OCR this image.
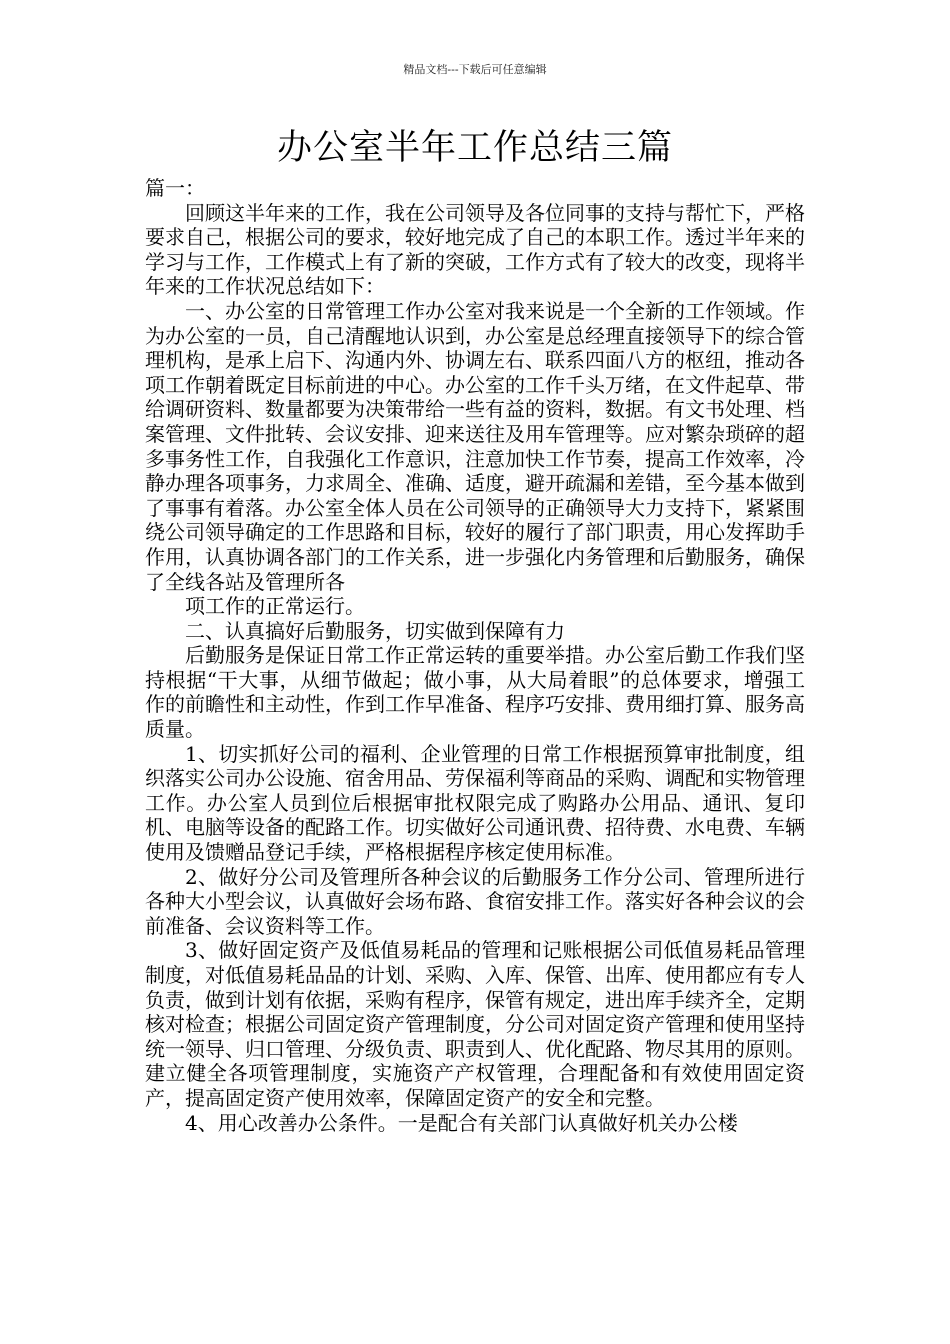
精品文档---下载后可任意编辑
办公室半年工作总结三篇

篇一：

回顾这半年来的工作，我在公司领导及各位同事的支持与帮忙下，严格要求自己，根据公司的要求，较好地完成了自己的本职工作。透过半年来的学习与工作，工作模式上有了新的突破，工作方式有了较大的改变，现将半年来的工作状况总结如下：

一、办公室的日常管理工作办公室对我来说是一个全新的工作领域。作为办公室的一员，自己清醒地认识到，办公室是总经理直接领导下的综合管理机构，是承上启下、沟通内外、协调左右、联系四面八方的枢纽，推动各项工作朝着既定目标前进的中心。办公室的工作千头万绪，在文件起草、带给调研资料、数量都要为决策带给一些有益的资料，数据。有文书处理、档案管理、文件批转、会议安排、迎来送往及用车管理等。应对繁杂琐碎的超多事务性工作，自我强化工作意识，注意加快工作节奏，提高工作效率，冷静办理各项事务，力求周全、准确、适度，避开疏漏和差错，至今基本做到了事事有着落。办公室全体人员在公司领导的正确领导大力支持下，紧紧围绕公司领导确定的工作思路和目标，较好的履行了部门职责，用心发挥助手作用，认真协调各部门的工作关系，进一步强化内务管理和后勤服务，确保了全线各站及管理所各

项工作的正常运行。

二、认真搞好后勤服务，切实做到保障有力

后勤服务是保证日常工作正常运转的重要举措。办公室后勤工作我们坚持根据“干大事，从细节做起；做小事，从大局着眼”的总体要求，增强工作的前瞻性和主动性，作到工作早准备、程序巧安排、费用细打算、服务高质量。

1、切实抓好公司的福利、企业管理的日常工作根据预算审批制度，组织落实公司办公设施、宿舍用品、劳保福利等商品的采购、调配和实物管理工作。办公室人员到位后根据审批权限完成了购路办公用品、通讯、复印机、电脑等设备的配路工作。切实做好公司通讯费、招待费、水电费、车辆使用及馈赠品登记手续，严格根据程序核定使用标准。

2、做好分公司及管理所各种会议的后勤服务工作分公司、管理所进行各种大小型会议，认真做好会场布路、食宿安排工作。落实好各种会议的会前准备、会议资料等工作。

3、做好固定资产及低值易耗品的管理和记账根据公司低值易耗品管理制度，对低值易耗品品的计划、采购、入库、保管、出库、使用都应有专人负责，做到计划有依据，采购有程序，保管有规定，进出库手续齐全，定期核对检查；根据公司固定资产管理制度，分公司对固定资产管理和使用坚持统一领导、归口管理、分级负责、职责到人、优化配路、物尽其用的原则。建立健全各项管理制度，实施资产产权管理，合理配备和有效使用固定资产，提高固定资产使用效率，保障固定资产的安全和完整。

4、用心改善办公条件。一是配合有关部门认真做好机关办公楼
